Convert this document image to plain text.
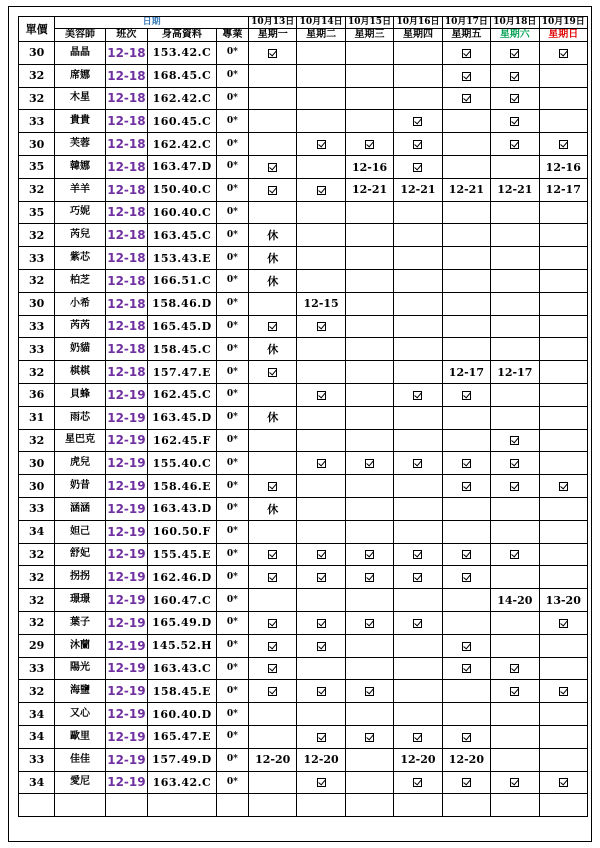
單價	日期				10月13日	10月14日	10月15日	10月16日	10月17日	10月18日	10月19日
	美容師	班次	身高資料	專業	星期一	星期二	星期三	星期四	星期五	星期六	星期日
30	晶晶	12-18	153.42.C	0*							
32	席娜	12-18	168.45.C	0*							
32	木星	12-18	162.42.C	0*							
33	貴貴	12-18	160.45.C	0*							
30	芙蓉	12-18	162.42.C	0*							
35	韓娜	12-18	163.47.D	0*			12-16				12-16
32	羊羊	12-18	150.40.C	0*			12-21	12-21	12-21	12-21	12-17
35	巧妮	12-18	160.40.C	0*							
32	芮兒	12-18	163.45.C	0*	休						
33	紫芯	12-18	153.43.E	0*	休						
32	柏芝	12-18	166.51.C	0*	休						
30	小希	12-18	158.46.D	0*		12-15					
33	芮芮	12-18	165.45.D	0*							
33	奶貓	12-18	158.45.C	0*	休						
32	棋棋	12-18	157.47.E	0*					12-17	12-17	
36	貝蜂	12-19	162.45.C	0*							
31	雨芯	12-19	163.45.D	0*	休						
32	星巴克	12-19	162.45.F	0*							
30	虎兒	12-19	155.40.C	0*							
30	奶昔	12-19	158.46.E	0*							
33	涵涵	12-19	163.43.D	0*	休						
34	妲己	12-19	160.50.F	0*							
32	舒妃	12-19	155.45.E	0*							
32	拐拐	12-19	162.46.D	0*							
32	璟璟	12-19	160.47.C	0*						14-20	13-20
32	葉子	12-19	165.49.D	0*							
29	沐蘭	12-19	145.52.H	0*							
33	陽光	12-19	163.43.C	0*							
32	海鹽	12-19	158.45.E	0*							
34	又心	12-19	160.40.D	0*							
34	歐里	12-19	165.47.E	0*							
33	佳佳	12-19	157.49.D	0*	12-20	12-20		12-20	12-20		
34	愛尼	12-19	163.42.C	0*							
